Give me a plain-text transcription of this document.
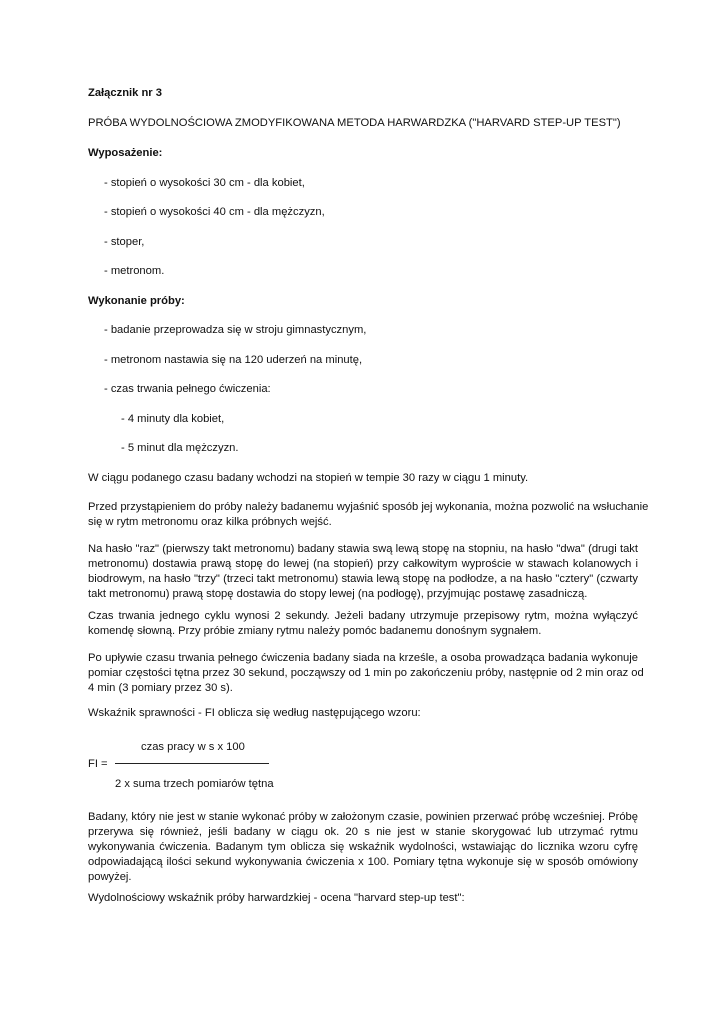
Załącznik nr 3
PRÓBA WYDOLNOŚCIOWA ZMODYFIKOWANA METODA HARWARDZKA ("HARVARD STEP-UP TEST")
Wyposażenie:
- stopień o wysokości 30 cm - dla kobiet,
- stopień o wysokości 40 cm - dla mężczyzn,
- stoper,
- metronom.
Wykonanie próby:
- badanie przeprowadza się w stroju gimnastycznym,
- metronom nastawia się na 120 uderzeń na minutę,
- czas trwania pełnego ćwiczenia:
- 4 minuty dla kobiet,
- 5 minut dla mężczyzn.
W ciągu podanego czasu badany wchodzi na stopień w tempie 30 razy w ciągu 1 minuty.
Przed przystąpieniem do próby należy badanemu wyjaśnić sposób jej wykonania, można pozwolić na wsłuchanie
się w rytm metronomu oraz kilka próbnych wejść.
Na hasło "raz" (pierwszy takt metronomu) badany stawia swą lewą stopę na stopniu, na hasło "dwa" (drugi takt
metronomu) dostawia prawą stopę do lewej (na stopień) przy całkowitym wyproście w stawach kolanowych i
biodrowym, na hasło "trzy" (trzeci takt metronomu) stawia lewą stopę na podłodze, a na hasło "cztery" (czwarty
takt metronomu) prawą stopę dostawia do stopy lewej (na podłogę), przyjmując postawę zasadniczą.
Czas trwania jednego cyklu wynosi 2 sekundy. Jeżeli badany utrzymuje przepisowy rytm, można wyłączyć
komendę słowną. Przy próbie zmiany rytmu należy pomóc badanemu donośnym sygnałem.
Po upływie czasu trwania pełnego ćwiczenia badany siada na krześle, a osoba prowadząca badania wykonuje
pomiar częstości tętna przez 30 sekund, począwszy od 1 min po zakończeniu próby, następnie od 2 min oraz od
4 min (3 pomiary przez 30 s).
Wskaźnik sprawności - FI oblicza się według następującego wzoru:
czas pracy w s x 100
FI =
2 x suma trzech pomiarów tętna
Badany, który nie jest w stanie wykonać próby w założonym czasie, powinien przerwać próbę wcześniej. Próbę
przerywa się również, jeśli badany w ciągu ok. 20 s nie jest w stanie skorygować lub utrzymać rytmu
wykonywania ćwiczenia. Badanym tym oblicza się wskaźnik wydolności, wstawiając do licznika wzoru cyfrę
odpowiadającą ilości sekund wykonywania ćwiczenia x 100. Pomiary tętna wykonuje się w sposób omówiony
powyżej.
Wydolnościowy wskaźnik próby harwardzkiej - ocena "harvard step-up test":
